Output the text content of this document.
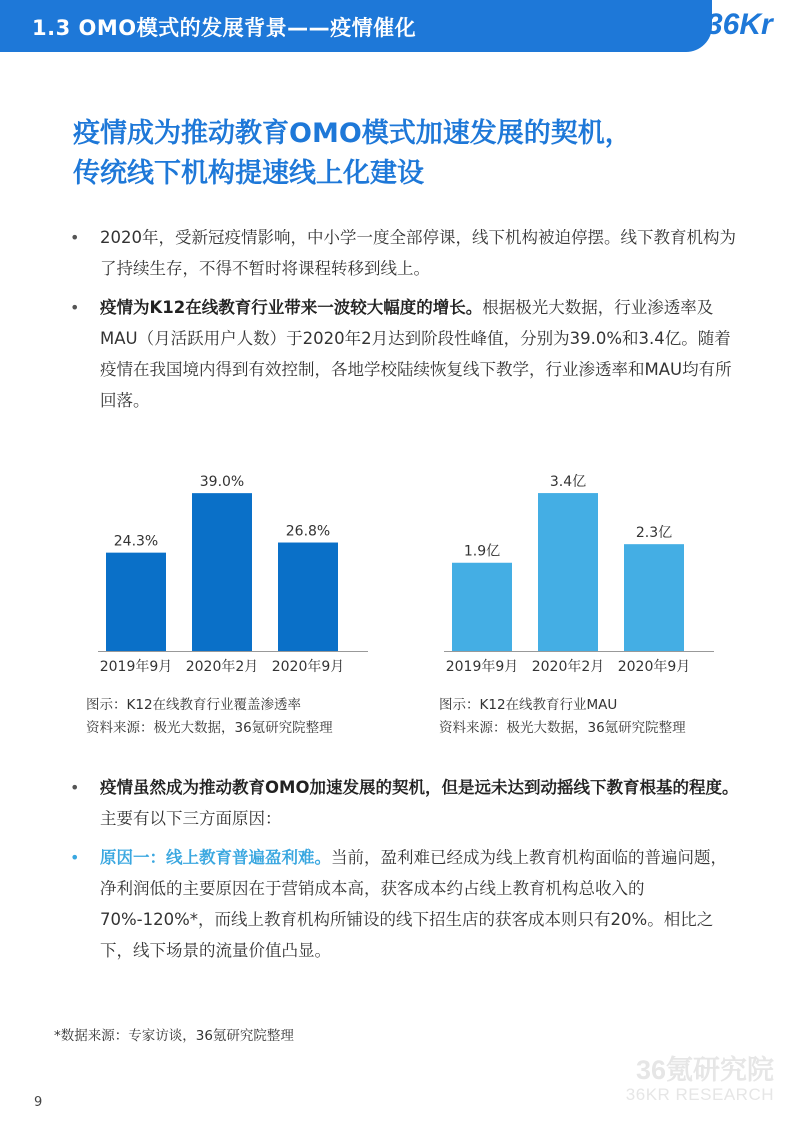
1.3 OMO模式的发展背景——疫情催化	36Kr
疫情成为推动教育OMO模式加速发展的契机，
传统线下机构提速线上化建设
• 2020年，受新冠疫情影响，中小学一度全部停课，线下机构被迫停摆。线下教育机构为了持续生存，不得不暂时将课程转移到线上。
• 疫情为K12在线教育行业带来一波较大幅度的增长。根据极光大数据，行业渗透率及MAU（月活跃用户人数）于2020年2月达到阶段性峰值，分别为39.0%和3.4亿。随着疫情在我国境内得到有效控制，各地学校陆续恢复线下教学，行业渗透率和MAU均有所回落。
24.3%
2019年9月
39.0%
2020年2月
26.8%
2020年9月
1.9亿
2019年9月
3.4亿
2020年2月
2.3亿
2020年9月
图示：K12在线教育行业覆盖渗透率
资料来源：极光大数据，36氪研究院整理
图示：K12在线教育行业MAU
资料来源：极光大数据，36氪研究院整理
• 疫情虽然成为推动教育OMO加速发展的契机，但是远未达到动摇线下教育根基的程度。主要有以下三方面原因：
• 原因一：线上教育普遍盈利难。当前，盈利难已经成为线上教育机构面临的普遍问题，净利润低的主要原因在于营销成本高，获客成本约占线上教育机构总收入的70%-120%*，而线上教育机构所铺设的线下招生店的获客成本则只有20%。相比之下，线下场景的流量价值凸显。
*数据来源：专家访谈，36氪研究院整理
36氪研究院
36KR RESEARCH
9
